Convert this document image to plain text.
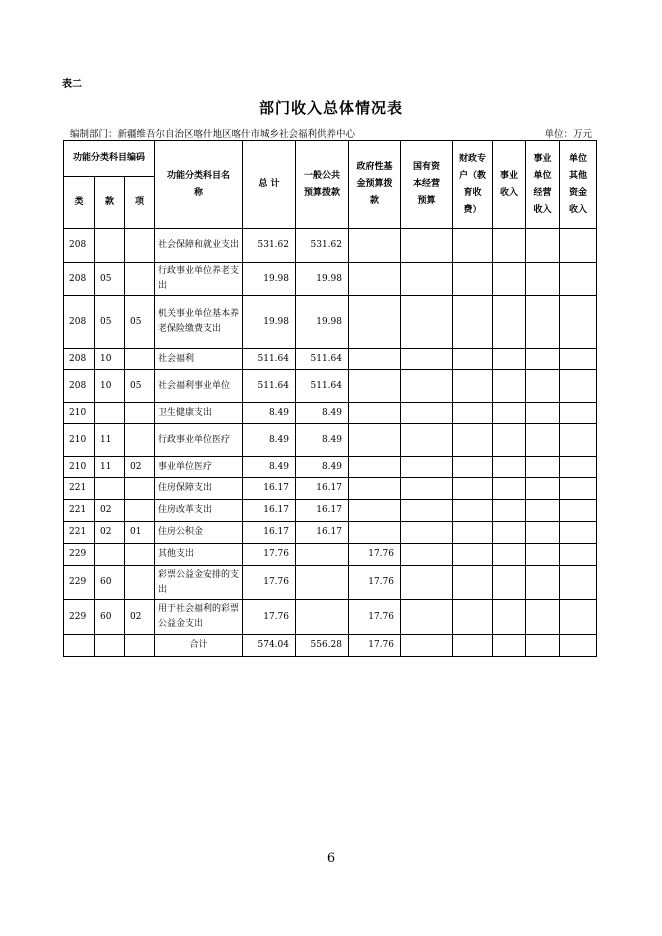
表二
部门收入总体情况表
编制部门：新疆维吾尔自治区喀什地区喀什市城乡社会福利供养中心	单位：万元
功能分类科目编码			功能分类科目名称	总 计	一般公共预算拨款	政府性基金预算拨款	国有资本经营预算	财政专户（教育收费）	事业收入	事业单位经营收入	单位其他资金收入
类	款	项									
208			社会保障和就业支出	531.62	531.62						
208	05		行政事业单位养老支出	19.98	19.98						
208	05	05	机关事业单位基本养老保险缴费支出	19.98	19.98						
208	10		社会福利	511.64	511.64						
208	10	05	社会福利事业单位	511.64	511.64						
210			卫生健康支出	8.49	8.49						
210	11		行政事业单位医疗	8.49	8.49						
210	11	02	事业单位医疗	8.49	8.49						
221			住房保障支出	16.17	16.17						
221	02		住房改革支出	16.17	16.17						
221	02	01	住房公积金	16.17	16.17						
229			其他支出	17.76		17.76					
229	60		彩票公益金安排的支出	17.76		17.76					
229	60	02	用于社会福利的彩票公益金支出	17.76		17.76					
			合计	574.04	556.28	17.76					
6
